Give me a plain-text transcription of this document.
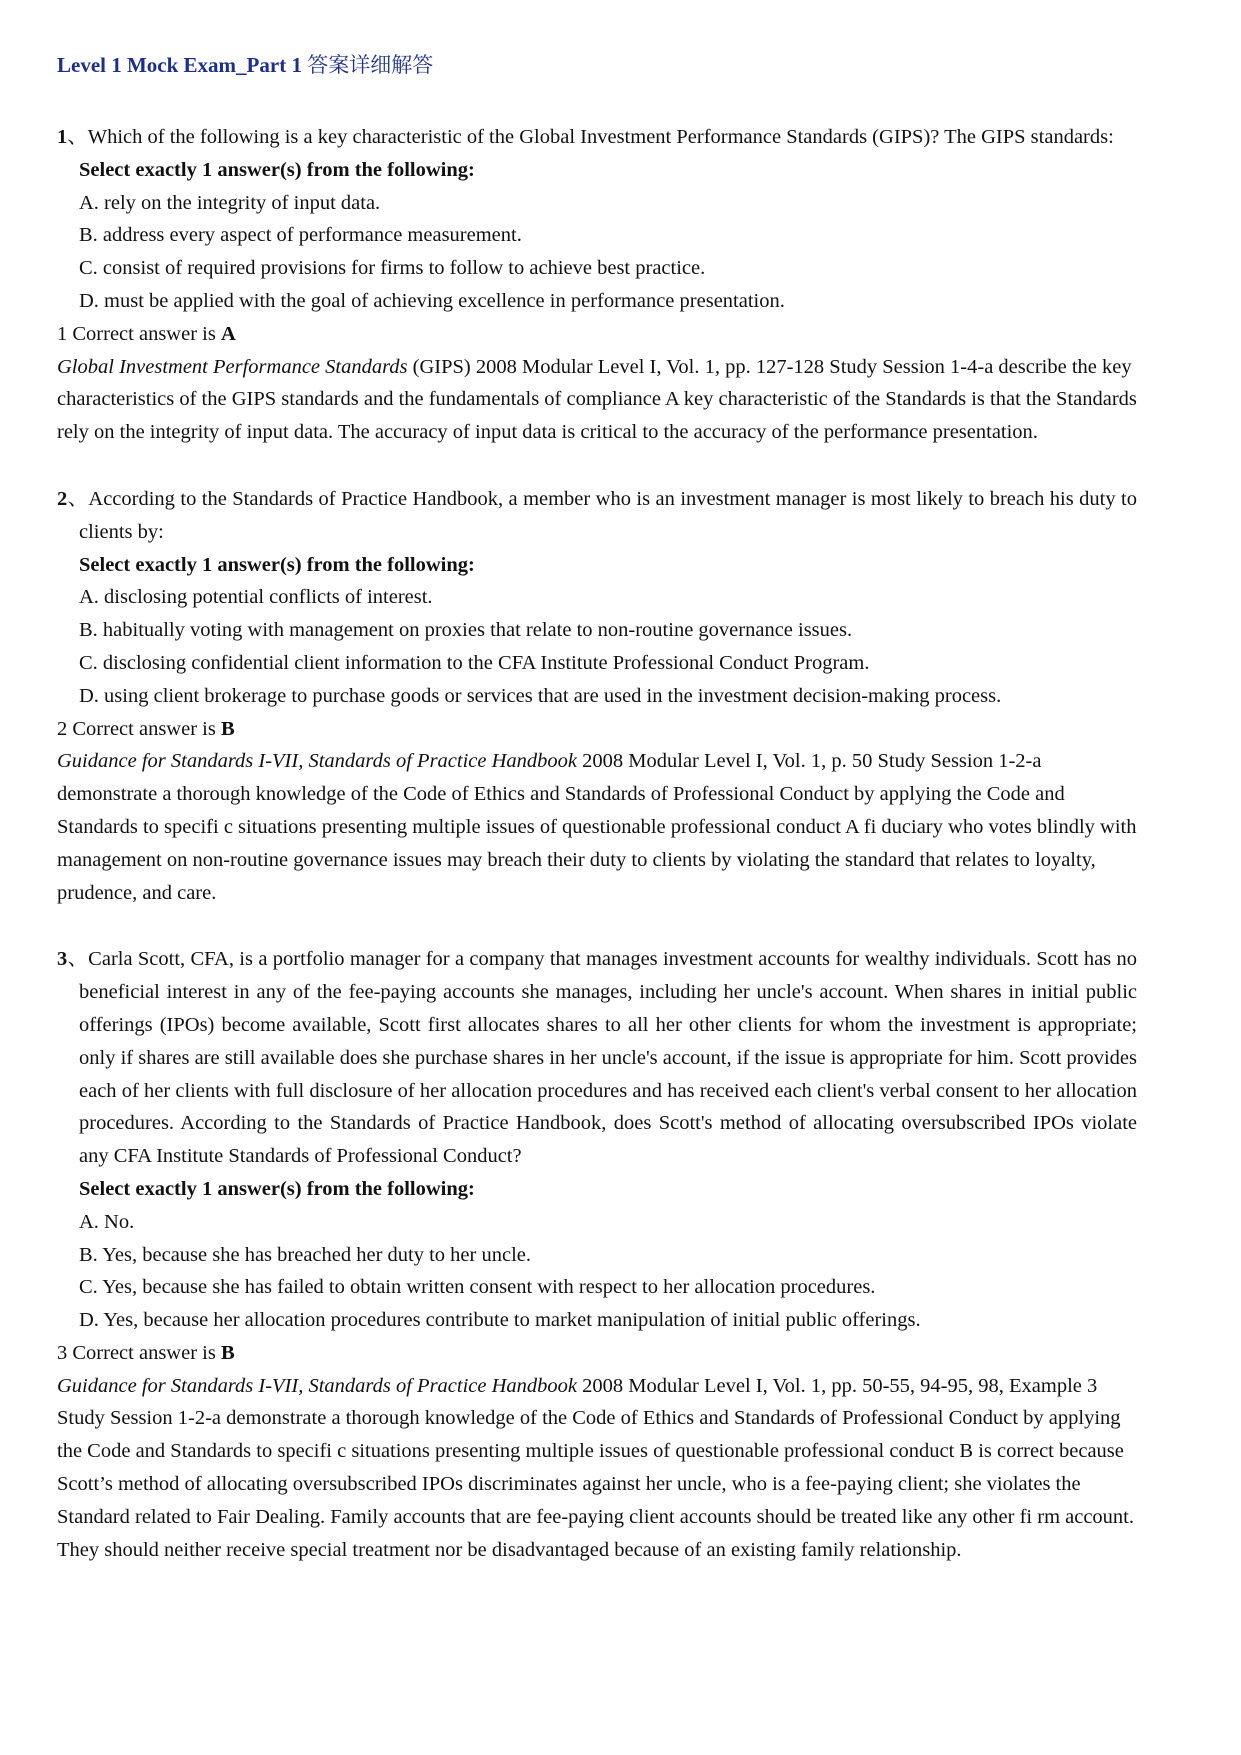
Level 1 Mock Exam_Part 1 答案详细解答

1、Which of the following is a key characteristic of the Global Investment Performance Standards (GIPS)? The GIPS standards:

Select exactly 1 answer(s) from the following:

A. rely on the integrity of input data.
B. address every aspect of performance measurement.
C. consist of required provisions for firms to follow to achieve best practice.
D. must be applied with the goal of achieving excellence in performance presentation.

1 Correct answer is A

Global Investment Performance Standards (GIPS) 2008 Modular Level I, Vol. 1, pp. 127-128 Study Session 1-4-a describe the key characteristics of the GIPS standards and the fundamentals of compliance A key characteristic of the Standards is that the Standards rely on the integrity of input data. The accuracy of input data is critical to the accuracy of the performance presentation.

2、According to the Standards of Practice Handbook, a member who is an investment manager is most likely to breach his duty to clients by:

Select exactly 1 answer(s) from the following:

A. disclosing potential conflicts of interest.
B. habitually voting with management on proxies that relate to non-routine governance issues.
C. disclosing confidential client information to the CFA Institute Professional Conduct Program.
D. using client brokerage to purchase goods or services that are used in the investment decision-making process.

2 Correct answer is B

Guidance for Standards I-VII, Standards of Practice Handbook 2008 Modular Level I, Vol. 1, p. 50 Study Session 1-2-a demonstrate a thorough knowledge of the Code of Ethics and Standards of Professional Conduct by applying the Code and Standards to specifi c situations presenting multiple issues of questionable professional conduct A fi duciary who votes blindly with management on non-routine governance issues may breach their duty to clients by violating the standard that relates to loyalty, prudence, and care.

3、Carla Scott, CFA, is a portfolio manager for a company that manages investment accounts for wealthy individuals. Scott has no beneficial interest in any of the fee-paying accounts she manages, including her uncle's account. When shares in initial public offerings (IPOs) become available, Scott first allocates shares to all her other clients for whom the investment is appropriate; only if shares are still available does she purchase shares in her uncle's account, if the issue is appropriate for him. Scott provides each of her clients with full disclosure of her allocation procedures and has received each client's verbal consent to her allocation procedures. According to the Standards of Practice Handbook, does Scott's method of allocating oversubscribed IPOs violate any CFA Institute Standards of Professional Conduct?

Select exactly 1 answer(s) from the following:

A. No.
B. Yes, because she has breached her duty to her uncle.
C. Yes, because she has failed to obtain written consent with respect to her allocation procedures.
D. Yes, because her allocation procedures contribute to market manipulation of initial public offerings.

3 Correct answer is B

Guidance for Standards I-VII, Standards of Practice Handbook 2008 Modular Level I, Vol. 1, pp. 50-55, 94-95, 98, Example 3 Study Session 1-2-a demonstrate a thorough knowledge of the Code of Ethics and Standards of Professional Conduct by applying the Code and Standards to specifi c situations presenting multiple issues of questionable professional conduct B is correct because Scott’s method of allocating oversubscribed IPOs discriminates against her uncle, who is a fee-paying client; she violates the Standard related to Fair Dealing. Family accounts that are fee-paying client accounts should be treated like any other fi rm account. They should neither receive special treatment nor be disadvantaged because of an existing family relationship.
